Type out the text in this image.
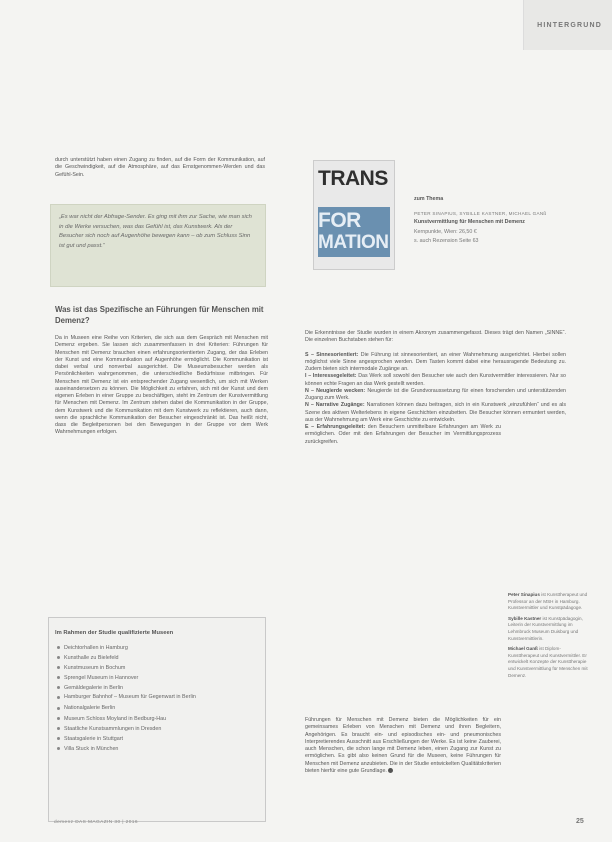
HINTERGRUND

durch unterstützt haben einen Zugang zu finden, auf die Form der Kommunikation, auf die Geschwindigkeit, auf die Atmosphäre, auf das Ernstgenommen-Werden und das Gefühl-Sein.

„Es war nicht der Abfrage-Sender. Es ging mit ihm zur Sache, wie man sich in die Werke versuchen, was das Gefühl ist, das Kunstwerk. Als der Besucher sich noch auf Augenhöhe bewegen kann – ob zum Schluss Sinn ist gut und passt.“
Was ist das Spezifische an Führungen für Menschen mit Demenz?

Da in Museen eine Reihe von Kriterien, die sich aus dem Gespräch mit Menschen mit Demenz ergeben. Sie lassen sich zusammenfassen in drei Kriterien: Führungen für Menschen mit Demenz brauchen einen erfahrungsorientierten Zugang, der das Erleben der Kunst und eine Kommunikation auf Augenhöhe ermöglicht. Die Kommunikation ist dabei verbal und nonverbal ausgerichtet. Die Museumsbesucher werden als Persönlichkeiten wahrgenommen, die unterschiedliche Bedürfnisse mitbringen. Für Menschen mit Demenz ist ein entsprechender Zugang wesentlich, um sich mit Werken auseinandersetzen zu können. Die Möglichkeit zu erfahren, sich mit der Kunst und dem eigenen Erleben in einer Gruppe zu beschäftigen, steht im Zentrum der Kunstvermittlung für Menschen mit Demenz. Im Zentrum stehen dabei die Kommunikation in der Gruppe, dem Kunstwerk und die Kommunikation mit dem Kunstwerk zu reflektieren, auch dann, wenn die sprachliche Kommunikation der Besucher eingeschränkt ist. Das heißt nicht, dass die Begleitpersonen bei den Bewegungen in der Gruppe vor dem Werk Wahrnehmungen erfolgen.

Im Rahmen der Studie qualifizierte Museen
Deichtorhallen in Hamburg
Kunsthalle zu Bielefeld
Kunstmuseum in Bochum
Sprengel Museum in Hannover
Gemäldegalerie in Berlin
Hamburger Bahnhof – Museum für Gegenwart in Berlin
Nationalgalerie Berlin
Museum Schloss Moyland in Bedburg-Hau
Staatliche Kunstsammlungen in Dresden
Staatsgalerie in Stuttgart
Villa Stuck in München
TRANS
FOR
MATION
zum Thema
PETER SINAPIUS, SYBILLE KASTNER, MICHAEL GANß
Kunstvermittlung für Menschen mit Demenz
Kernpunkte, Wien: 26,50 €
s. auch Rezension Seite 63

Die Erkenntnisse der Studie wurden in einem Akronym zusammengefasst. Dieses trägt den Namen „SINNE“. Die einzelnen Buchstaben stehen für:

S – Sinnesorientiert: Die Führung ist sinnesorientiert, an einer Wahrnehmung ausgerichtet. Hierbei sollen möglichst viele Sinne angesprochen werden. Dem Tasten kommt dabei eine herausragende Bedeutung zu. Zudem bieten sich intermodale Zugänge an.

I – Interessegeleitet: Das Werk soll sowohl den Besucher wie auch den Kunstvermittler interessieren. Nur so können echte Fragen an das Werk gestellt werden.

N – Neugierde wecken: Neugierde ist die Grundvoraussetzung für einen forschenden und unterstützenden Zugang zum Werk.

N – Narrative Zugänge: Narrationen können dazu beitragen, sich in ein Kunstwerk „einzufühlen“ und es als Szene des aktiven Welterlebens in eigene Geschichten einzubetten. Die Besucher können ermuntert werden, aus der Wahrnehmung am Werk eine Geschichte zu entwickeln.

E – Erfahrungsgeleitet: den Besuchern unmittelbare Erfahrungen am Werk zu ermöglichen. Oder mit den Erfahrungen der Besucher im Vermittlungsprozess zurückgreifen.

Führungen für Menschen mit Demenz bieten die Möglichkeiten für ein gemeinsames Erleben von Menschen mit Demenz und ihren Begleitern, Angehörigen. Es braucht ein- und episodisches ein- und pneumonisches Interpretierendes Ausschnitt aus Erschließungen der Werke. Es ist keine Zauberei, auch Menschen, die schon lange mit Demenz leben, einen Zugang zur Kunst zu ermöglichen. Es gibt also keinen Grund für die Museen, keine Führungen für Menschen mit Demenz anzubieten. Die in der Studie entwickelten Qualitätskriterien bieten hierfür eine gute Grundlage.

Peter Sinapius ist Kunsttherapeut und Professor an der MSH in Hamburg. Kunstvermittler und Kunstpädagoge.

Sybille Kastner ist Kunstpädagogin, Leiterin der Kunstvermittlung im Lehmbruck Museum Duisburg und Kunstvermittlerin.

Michael Ganß ist Diplom-Kunsttherapeut und Kunstvermittler. Er entwickelt Konzepte der Kunsttherapie und Kunstvermittlung für Menschen mit Demenz.

demenz DAS MAGAZIN 30 | 2016	25
